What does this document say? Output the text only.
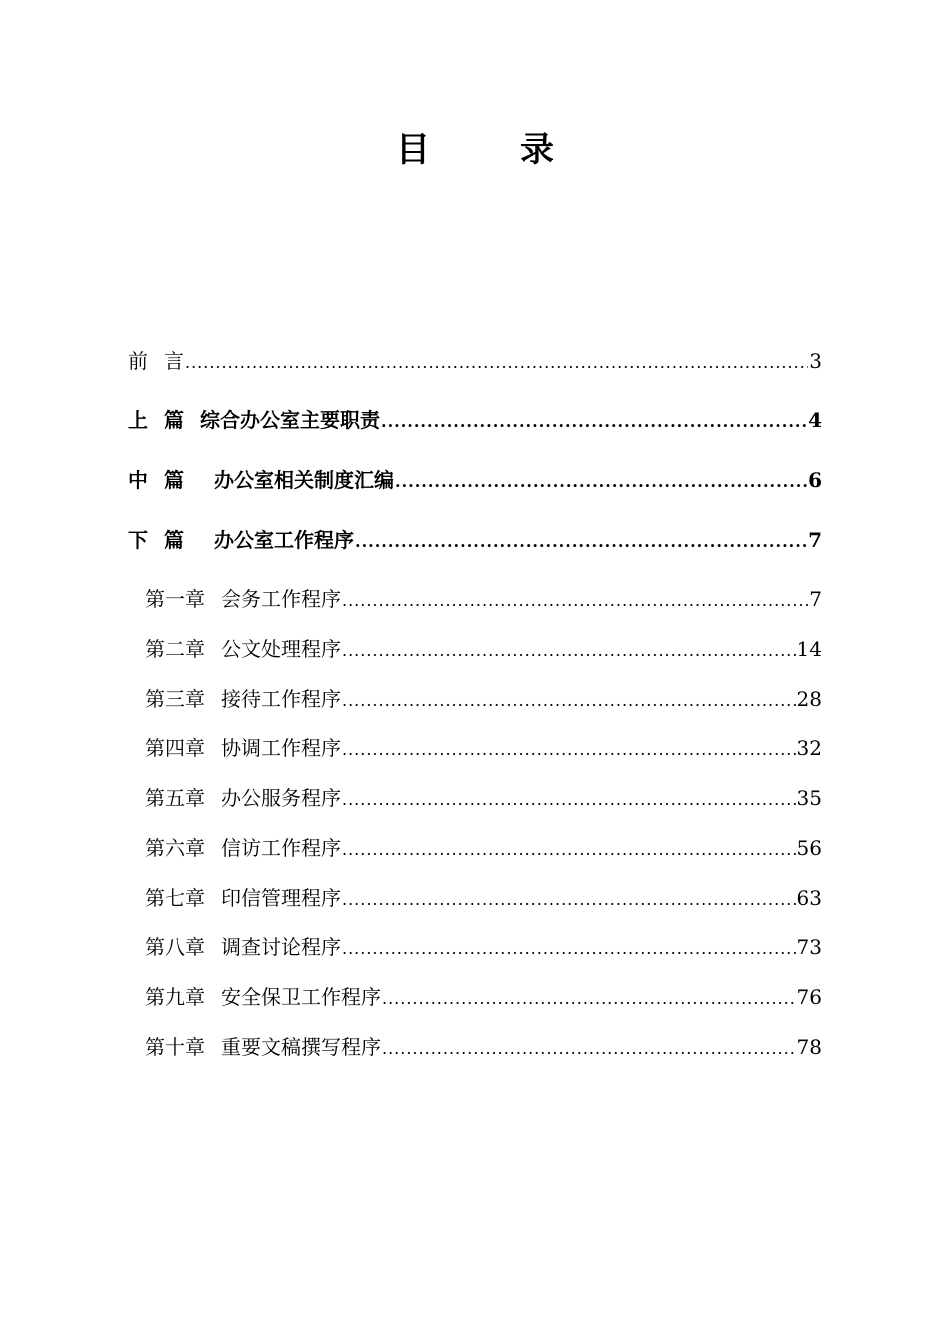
目　录
前 言 .....	3
上 篇 综合办公室主要职责 .....	4
中 篇 办公室相关制度汇编 .....	6
下 篇 办公室工作程序 .....	7
第一章 会务工作程序 .....	7
第二章 公文处理程序 .....	14
第三章 接待工作程序 .....	28
第四章 协调工作程序 .....	32
第五章 办公服务程序 .....	35
第六章 信访工作程序 .....	56
第七章 印信管理程序 .....	63
第八章 调查讨论程序 .....	73
第九章 安全保卫工作程序 .....	76
第十章 重要文稿撰写程序 .....	78
